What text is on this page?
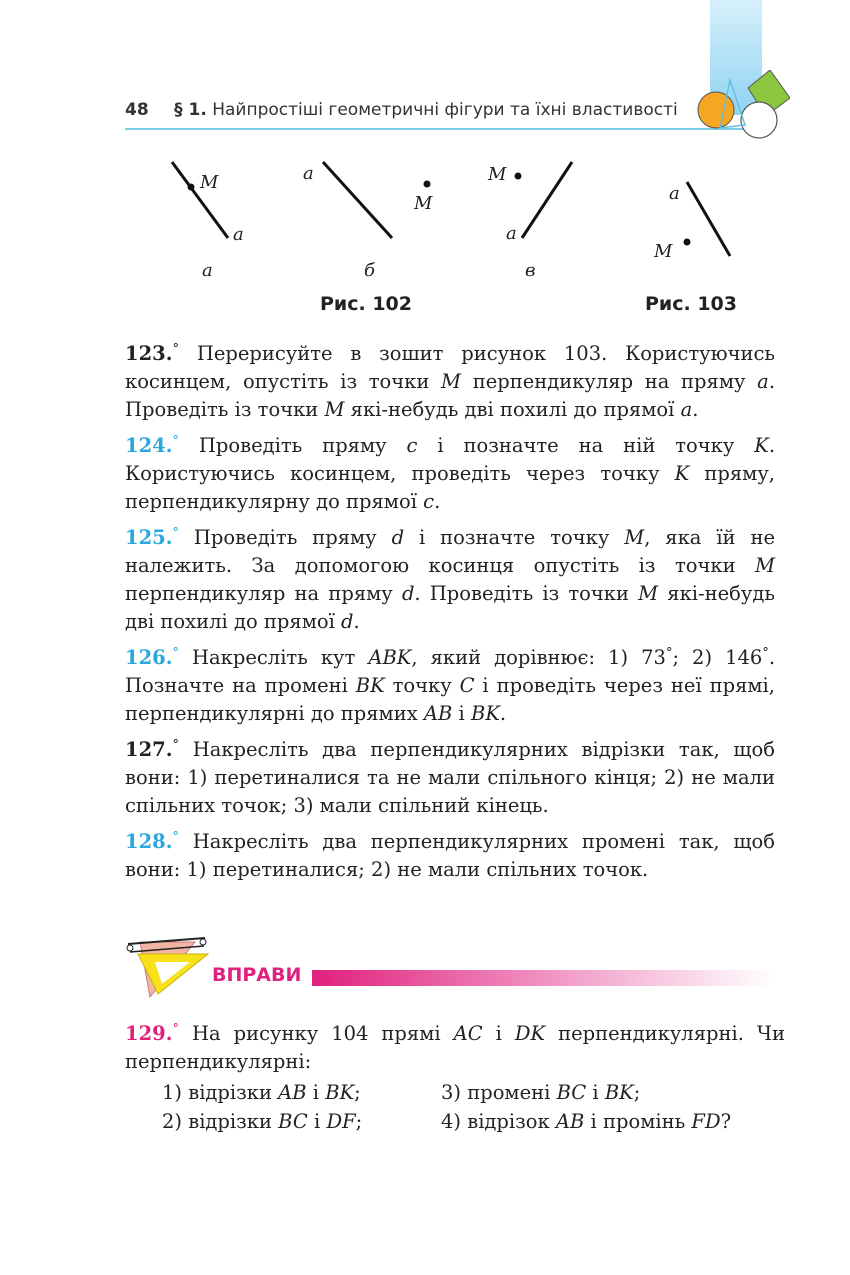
48 § 1. Найпростіші геометричні фігури та їхні властивості
M
a
а
a
M
б
M
a
в
a
M
Рис. 102	Рис. 103
123.° Перерисуйте в зошит рисунок 103. Користуючись косинцем, опустіть із точки M перпендикуляр на пряму a. Проведіть із точки M які-небудь дві похилі до прямої a.
124.° Проведіть пряму c і позначте на ній точку K. Користуючись косинцем, проведіть через точку K пряму, перпендикулярну до прямої c.
125.° Проведіть пряму d і позначте точку M, яка їй не належить. За допомогою косинця опустіть із точки M перпендикуляр на пряму d. Проведіть із точки M які-небудь дві похилі до прямої d.
126.° Накресліть кут ABK, який дорівнює: 1) 73°; 2) 146°. Позначте на промені BK точку C і проведіть через неї прямі, перпендикулярні до прямих AB і BK.
127.° Накресліть два перпендикулярних відрізки так, щоб вони: 1) перетиналися та не мали спільного кінця; 2) не мали спільних точок; 3) мали спільний кінець.
128.° Накресліть два перпендикулярних промені так, щоб вони: 1) перетиналися; 2) не мали спільних точок.
ВПРАВИ
129.° На рисунку 104 прямі AC і DK перпендикулярні. Чи перпендикулярні:
1) відрізки AB і BK;	3) промені BC і BK;
2) відрізки BC і DF;	4) відрізок AB і промінь FD?
